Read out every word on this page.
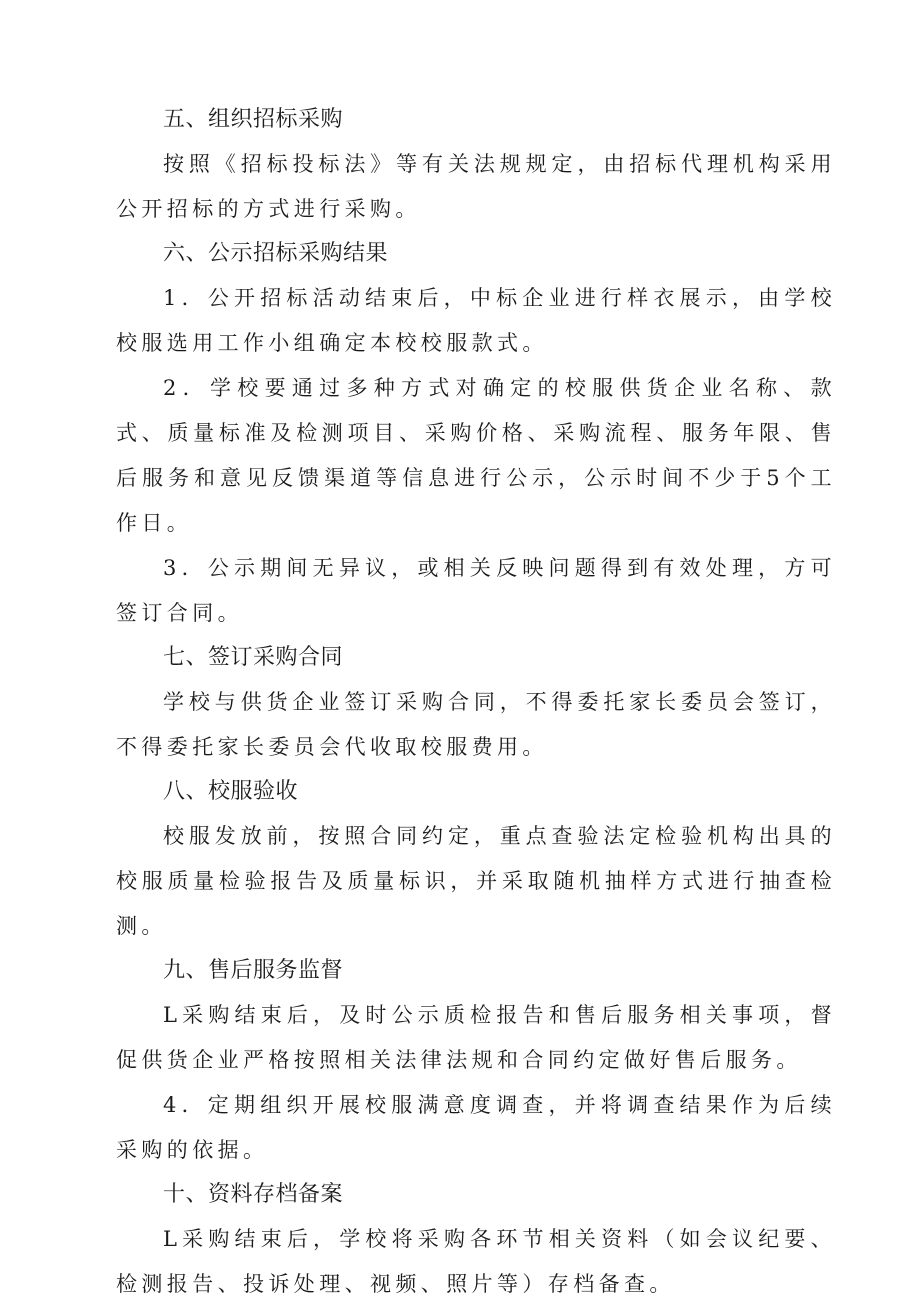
五、组织招标采购

按照《招标投标法》等有关法规规定，由招标代理机构采用公开招标的方式进行采购。

六、公示招标采购结果

1．公开招标活动结束后，中标企业进行样衣展示，由学校校服选用工作小组确定本校校服款式。

2．学校要通过多种方式对确定的校服供货企业名称、款式、质量标准及检测项目、采购价格、采购流程、服务年限、售后服务和意见反馈渠道等信息进行公示，公示时间不少于5个工作日。

3．公示期间无异议，或相关反映问题得到有效处理，方可签订合同。

七、签订采购合同

学校与供货企业签订采购合同，不得委托家长委员会签订，不得委托家长委员会代收取校服费用。

八、校服验收

校服发放前，按照合同约定，重点查验法定检验机构出具的校服质量检验报告及质量标识，并采取随机抽样方式进行抽查检测。

九、售后服务监督

L采购结束后，及时公示质检报告和售后服务相关事项，督促供货企业严格按照相关法律法规和合同约定做好售后服务。

4．定期组织开展校服满意度调查，并将调查结果作为后续采购的依据。

十、资料存档备案

L采购结束后，学校将采购各环节相关资料（如会议纪要、检测报告、投诉处理、视频、照片等）存档备查。
